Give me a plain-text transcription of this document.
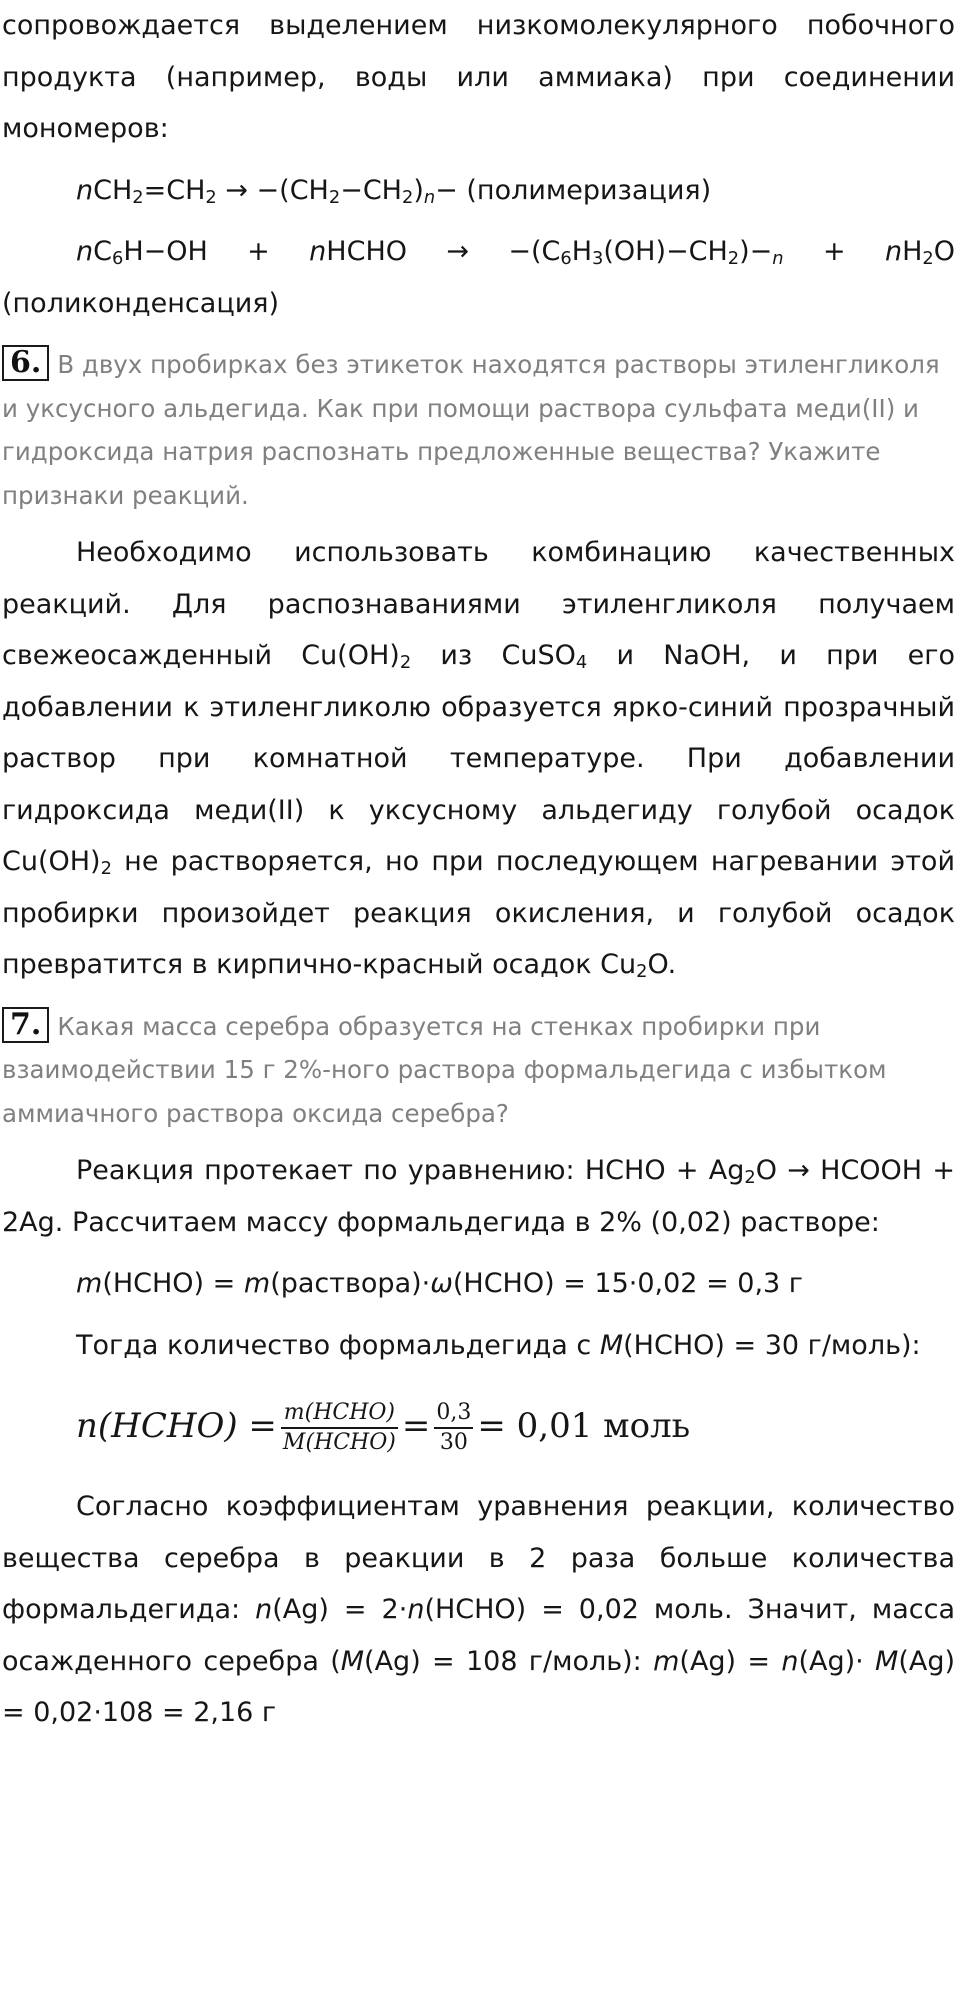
сопровождается выделением низкомолекулярного побочного продукта (например, воды или аммиака) при соединении мономеров:

$nCH_2=CH_2 \to -(CH_2-CH_2)_n-$ (полимеризация)

$nC_6H-OH$ + nHCHO → $-(C_6H_3(OH)-CH_2)-_n + nH_2O$ (поликонденсация)

6. В двух пробирках без этикеток находятся растворы этиленгликоля и уксусного альдегида. Как при помощи раствора сульфата меди(II) и гидроксида натрия распознать предложенные вещества? Укажите признаки реакций.

Необходимо использовать комбинацию качественных реакций. Для распознаваниями этиленгликоля получаем свежеосажденный $Cu(OH)_2$ из CuSO$_4$ и NaOH, и при его добавлении к этиленгликолю образуется ярко-синий прозрачный раствор при комнатной температуре. При добавлении гидроксида меди(II) к уксусному альдегиду голубой осадок $Cu(OH)_2$ не растворяется, но при последующем нагревании этой пробирки произойдет реакция окисления, и голубой осадок превратится в кирпично-красный осадок $Cu_2O$.

7. Какая масса серебра образуется на стенках пробирки при взаимодействии 15 г 2%-ного раствора формальдегида с избытком аммиачного раствора оксида серебра?

Реакция протекает по уравнению: HCHO + $Ag_2O$ → HCOOH + 2Ag. Рассчитаем массу формальдегида в 2% (0,02) растворе:

m(HCHO) = m(раствора)·ω(HCHO) = 15·0,02 = 0,3 г

Тогда количество формальдегида с M(HCHO) = 30 г/моль):

n(HCHO) = $\frac{\text{m(HCHO)}}{\text{M(HCHO)}} = \frac{0,3}{30} = 0,01$ моль

Согласно коэффициентам уравнения реакции, количество вещества серебра в реакции в 2 раза больше количества формальдегида: n(Ag) = 2·n(HCHO) = 0,02 моль. Значит, масса осажденного серебра (M(Ag) = 108 г/моль): m(Ag) = n(Ag)· M(Ag) = 0,02·108 = 2,16 г
